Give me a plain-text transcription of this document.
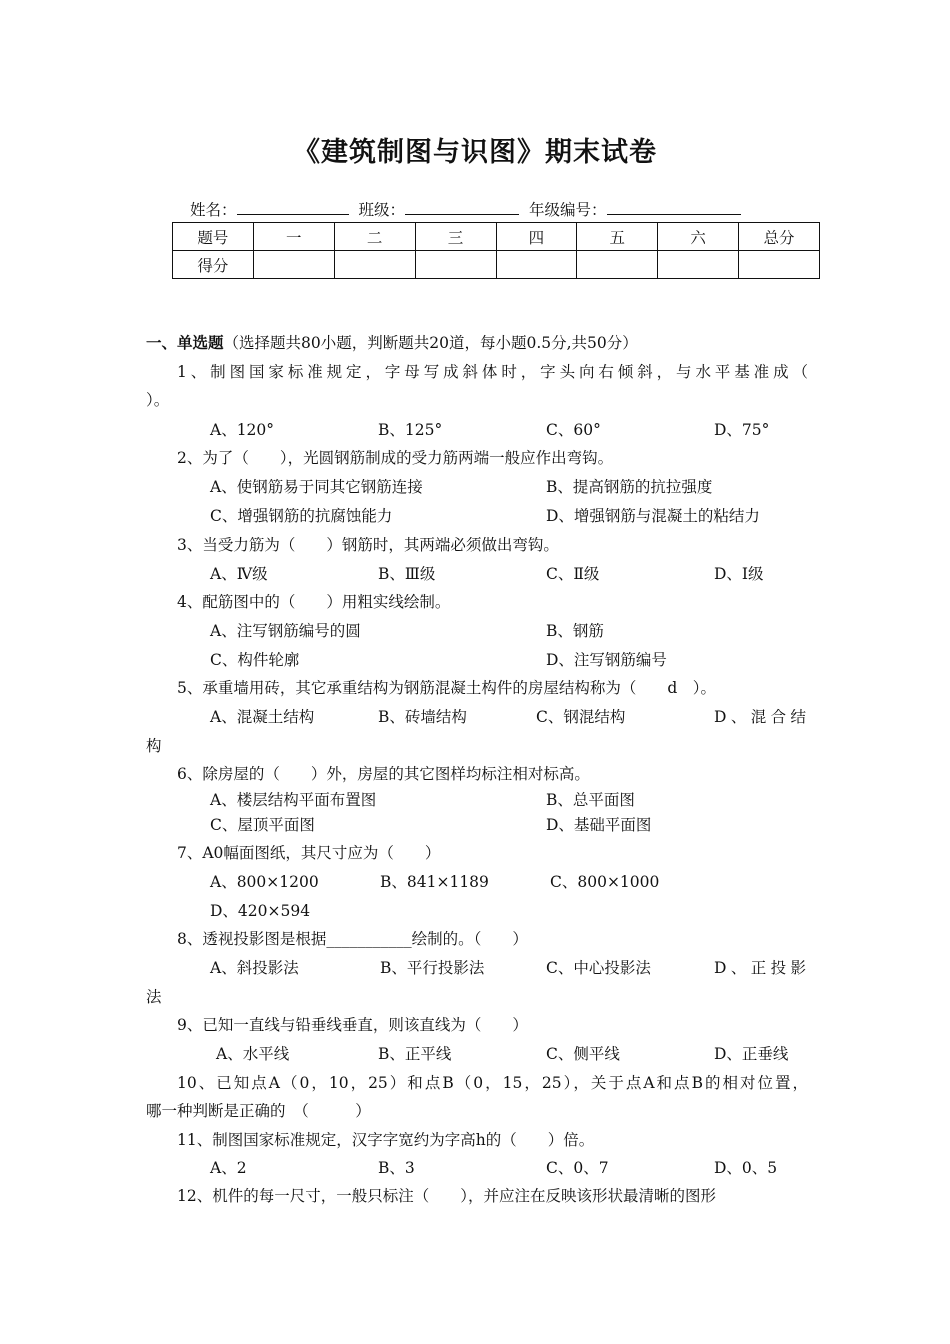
《建筑制图与识图》期末试卷
姓名：	班级：	年级编号：
题号	一	二	三	四	五	六	总分
得分							
一、单选题（选择题共80小题，判断题共20道，每小题0.5分,共50分）
1、制图国家标准规定，字母写成斜体时，字头向右倾斜，与水平基准成（
）。
A、120°	B、125°	C、60°	D、75°
2、为了（　　），光圆钢筋制成的受力筋两端一般应作出弯钩。
A、使钢筋易于同其它钢筋连接	B、提高钢筋的抗拉强度
C、增强钢筋的抗腐蚀能力	D、增强钢筋与混凝土的粘结力
3、当受力筋为（　　）钢筋时，其两端必须做出弯钩。
A、Ⅳ级	B、Ⅲ级	C、Ⅱ级	D、Ⅰ级
4、配筋图中的（　　）用粗实线绘制。
A、注写钢筋编号的圆	B、钢筋
C、构件轮廓	D、注写钢筋编号
5、承重墙用砖，其它承重结构为钢筋混凝土构件的房屋结构称为（　　d　）。
A、混凝土结构	B、砖墙结构	C、钢混结构	D、混合结
构
6、除房屋的（　　）外，房屋的其它图样均标注相对标高。
A、楼层结构平面布置图	B、总平面图
C、屋顶平面图	D、基础平面图
7、A0幅面图纸，其尺寸应为（　　）
A、800×1200	B、841×1189	C、800×1000
D、420×594
8、透视投影图是根据___________绘制的。（　　）
A、斜投影法	B、平行投影法	C、中心投影法	D、正投影
法
9、已知一直线与铅垂线垂直，则该直线为（　　）
A、水平线	B、正平线	C、侧平线	D、正垂线
10、已知点A（0，10，25）和点B（0，15，25），关于点A和点B的相对位置，
哪一种判断是正确的　（　　　）
11、制图国家标准规定，汉字字宽约为字高h的（　　）倍。
A、2	B、3	C、0、7	D、0、5
12、机件的每一尺寸，一般只标注（　　），并应注在反映该形状最清晰的图形
